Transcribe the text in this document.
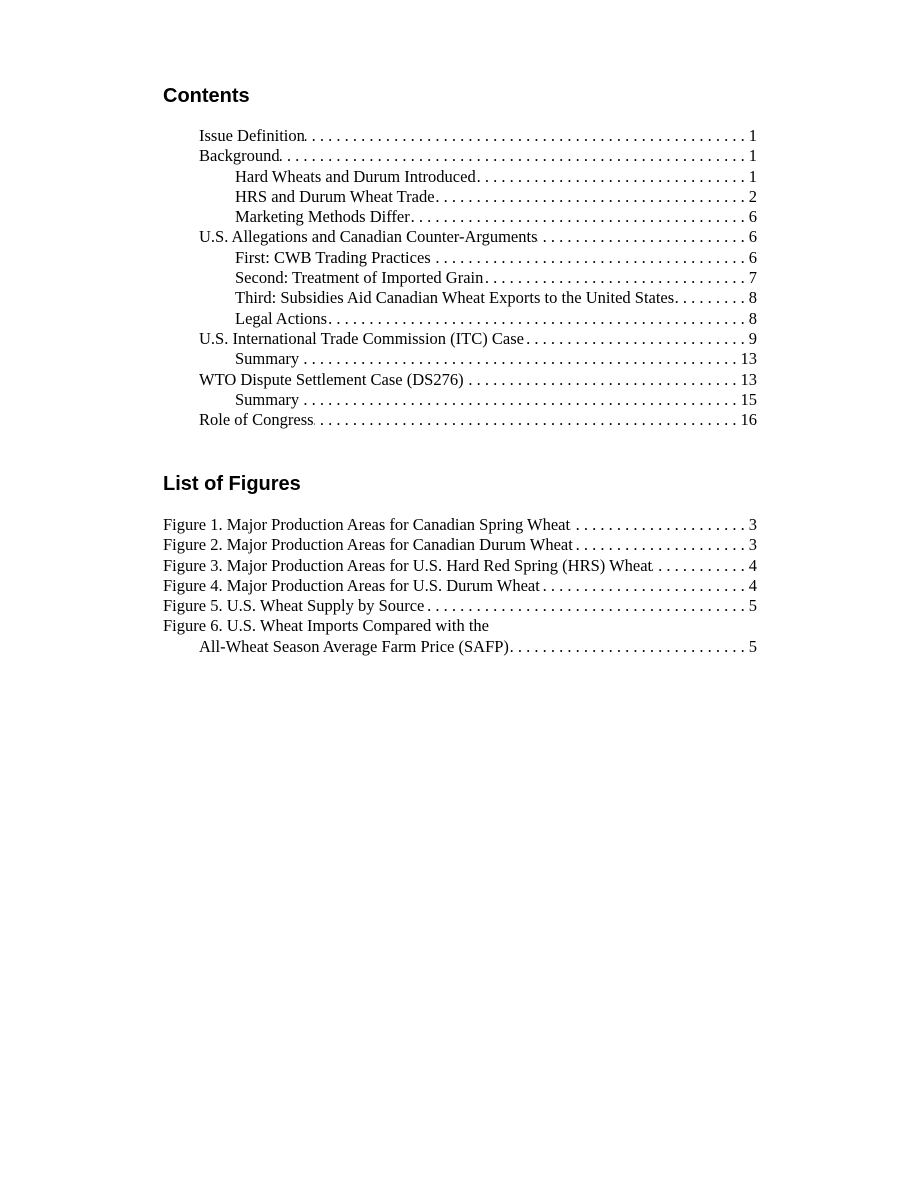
Contents
Issue Definition . . .	1
Background . . .	1
Hard Wheats and Durum Introduced . . .	1
HRS and Durum Wheat Trade . . .	2
Marketing Methods Differ . . .	6
U.S. Allegations and Canadian Counter-Arguments . . .	6
First: CWB Trading Practices . . .	6
Second: Treatment of Imported Grain . . .	7
Third: Subsidies Aid Canadian Wheat Exports to the United States . . .	8
Legal Actions . . .	8
U.S. International Trade Commission (ITC) Case . . .	9
Summary . . .	13
WTO Dispute Settlement Case (DS276) . . .	13
Summary . . .	15
Role of Congress . . .	16
List of Figures
Figure 1. Major Production Areas for Canadian Spring Wheat . . .	3
Figure 2. Major Production Areas for Canadian Durum Wheat . . .	3
Figure 3. Major Production Areas for U.S. Hard Red Spring (HRS) Wheat . . .	4
Figure 4. Major Production Areas for U.S. Durum Wheat . . .	4
Figure 5. U.S. Wheat Supply by Source . . .	5
Figure 6. U.S. Wheat Imports Compared with the
All-Wheat Season Average Farm Price (SAFP) . . .	5
